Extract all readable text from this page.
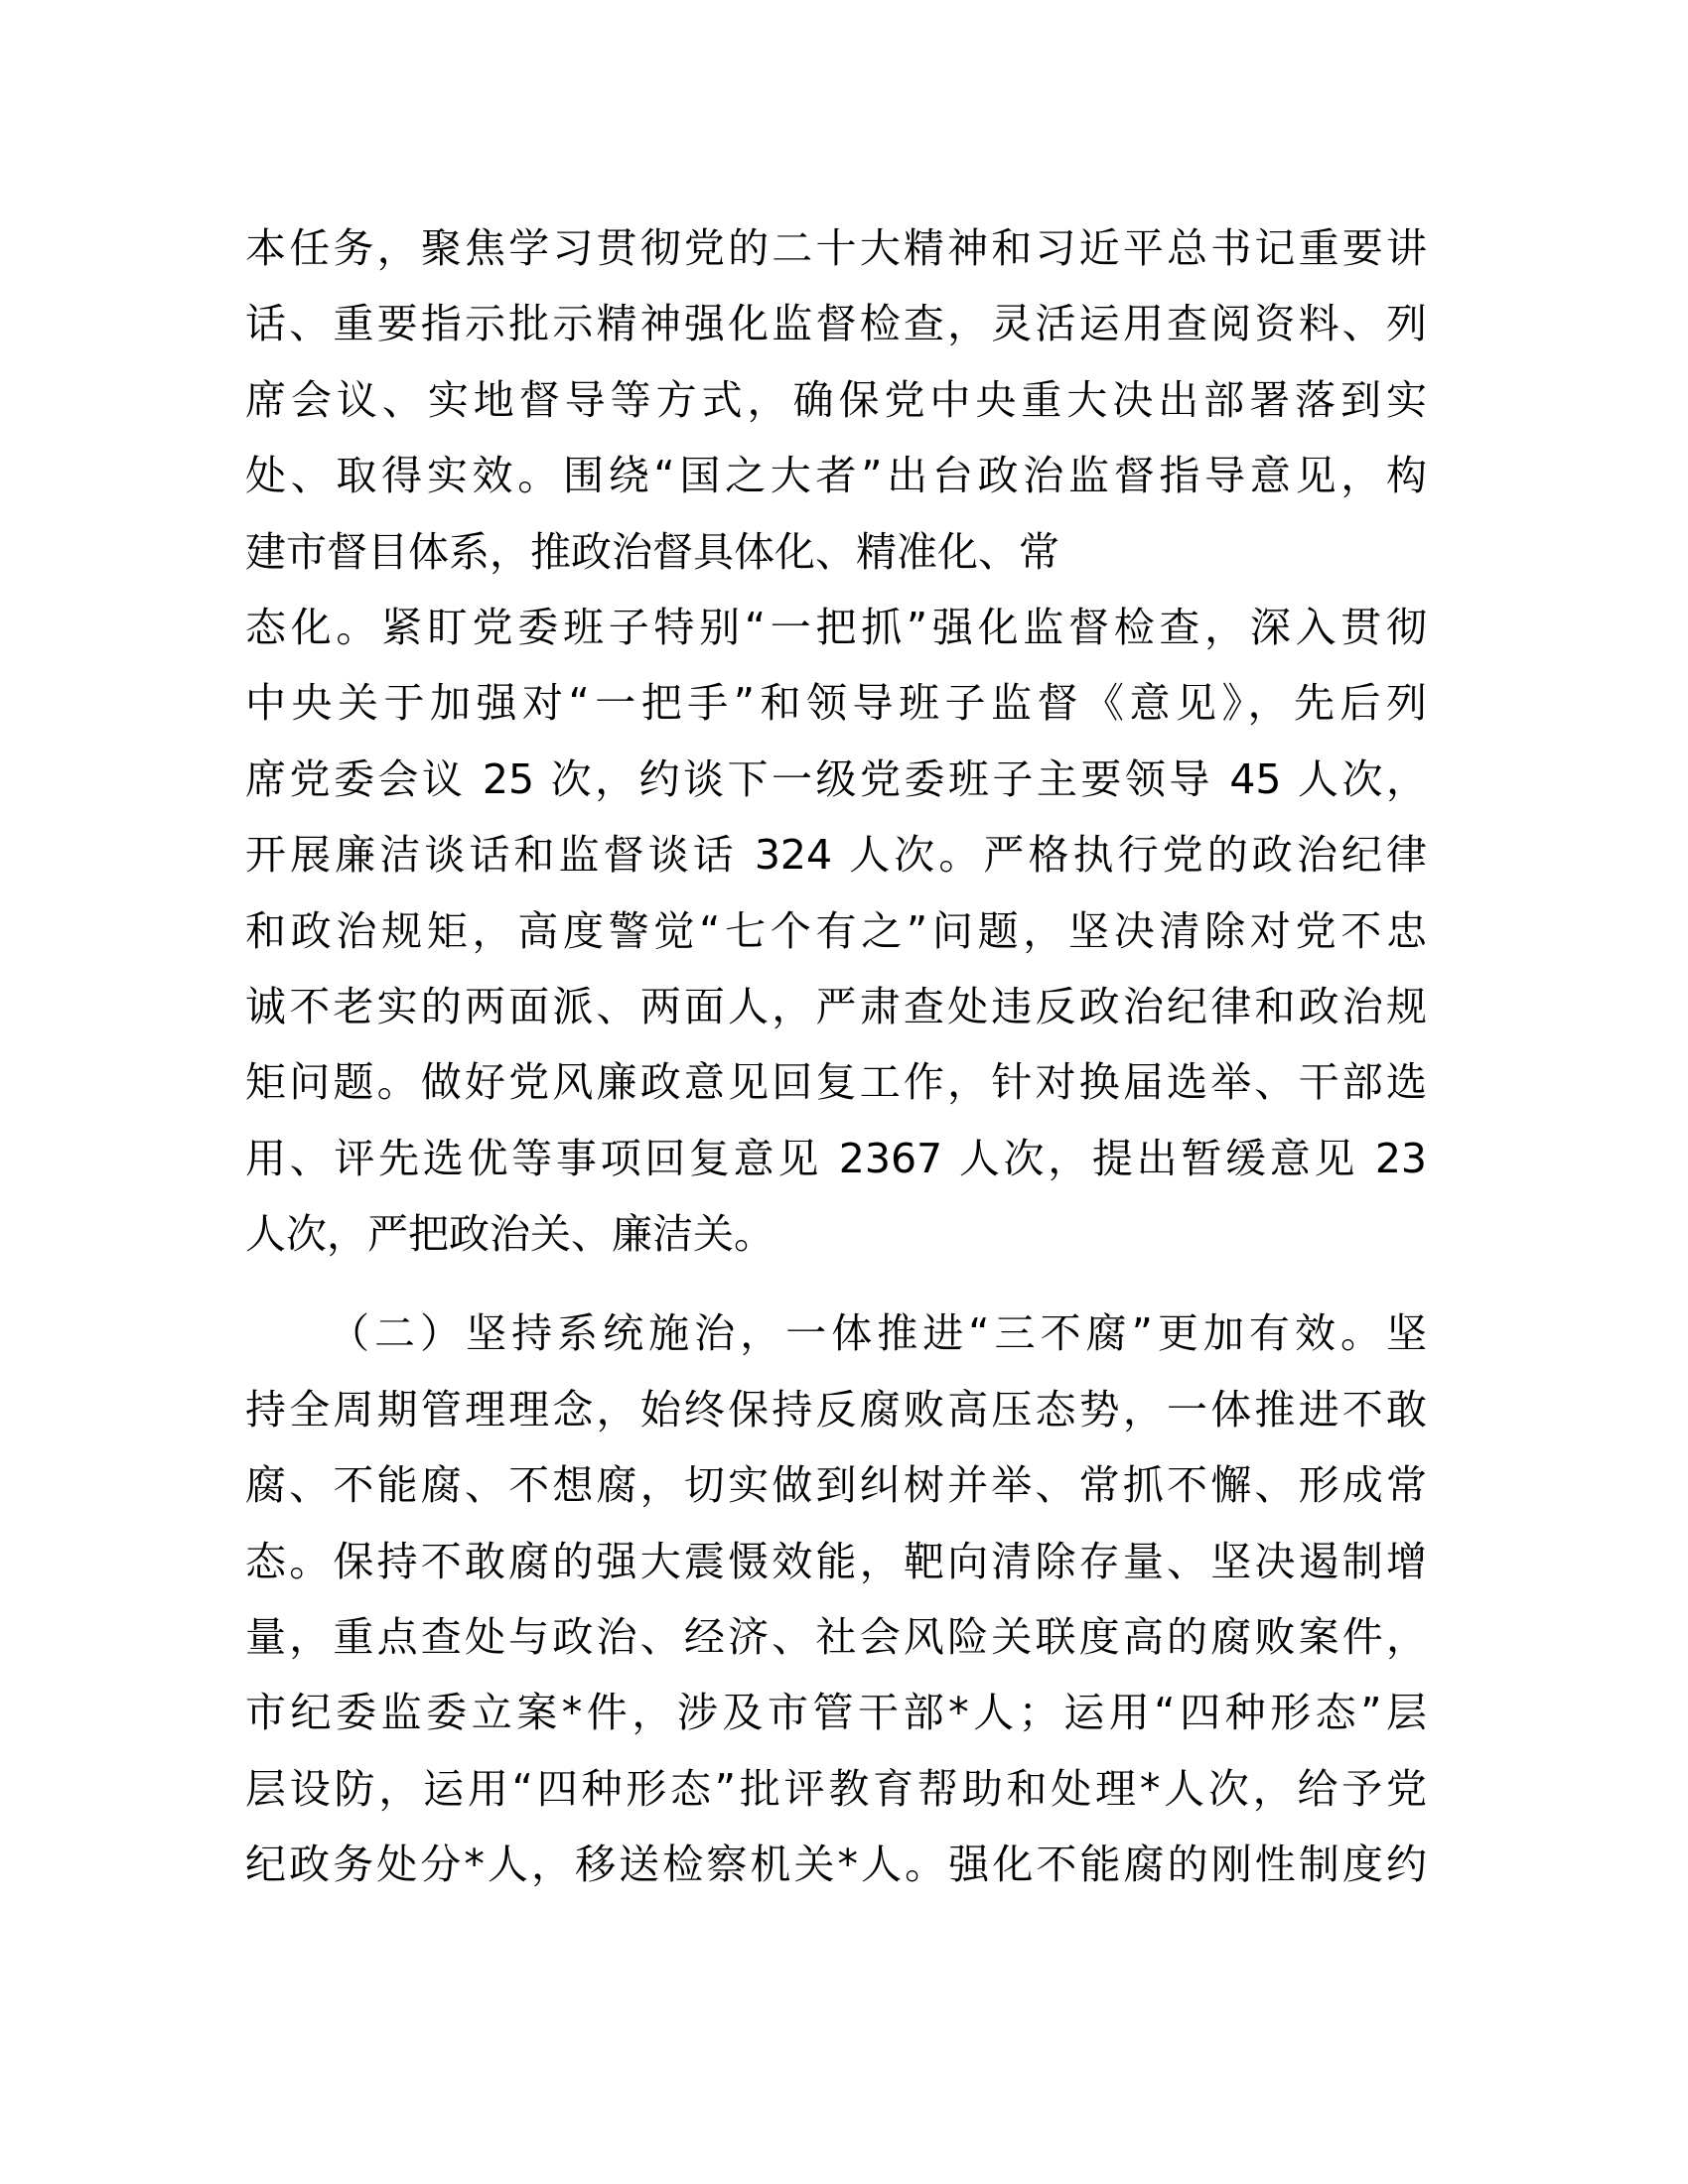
本任务，聚焦学习贯彻党的二十大精神和习近平总书记重要讲
话、重要指示批示精神强化监督检查，灵活运用查阅资料、列
席会议、实地督导等方式，确保党中央重大决出部署落到实
处、取得实效。围绕“国之大者”出台政治监督指导意见，构
建市督目体系，推政治督具体化、精准化、常
态化。紧盯党委班子特别“一把抓”强化监督检查，深入贯彻
中央关于加强对“一把手”和领导班子监督《意见》，先后列
席党委会议 25 次，约谈下一级党委班子主要领导 45 人次，
开展廉洁谈话和监督谈话 324 人次。严格执行党的政治纪律
和政治规矩，高度警觉“七个有之”问题，坚决清除对党不忠
诚不老实的两面派、两面人，严肃查处违反政治纪律和政治规
矩问题。做好党风廉政意见回复工作，针对换届选举、干部选
用、评先选优等事项回复意见 2367 人次，提出暂缓意见 23
人次，严把政治关、廉洁关。
（二）坚持系统施治，一体推进“三不腐”更加有效。坚
持全周期管理理念，始终保持反腐败高压态势，一体推进不敢
腐、不能腐、不想腐，切实做到纠树并举、常抓不懈、形成常
态。保持不敢腐的强大震慑效能，靶向清除存量、坚决遏制增
量，重点查处与政治、经济、社会风险关联度高的腐败案件，
市纪委监委立案*件，涉及市管干部*人；运用“四种形态”层
层设防，运用“四种形态”批评教育帮助和处理*人次，给予党
纪政务处分*人，移送检察机关*人。强化不能腐的刚性制度约
